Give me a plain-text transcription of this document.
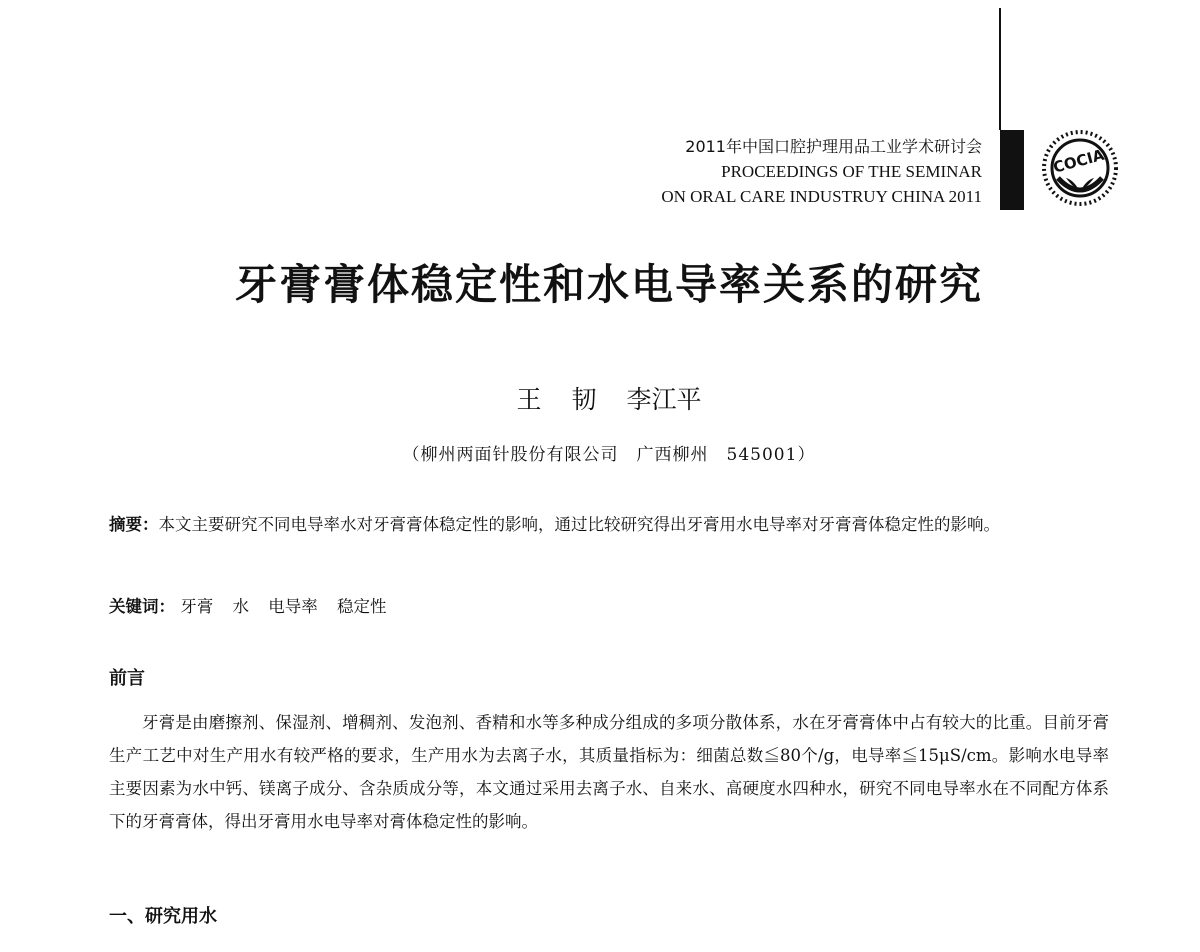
2011年中国口腔护理用品工业学术研讨会
PROCEEDINGS OF THE SEMINAR
ON ORAL CARE INDUSTRUY CHINA 2011
COCIA
牙膏膏体稳定性和水电导率关系的研究
王 韧 李江平
（柳州两面针股份有限公司　广西柳州　545001）
摘要：本文主要研究不同电导率水对牙膏膏体稳定性的影响，通过比较研究得出牙膏用水电导率对牙膏膏体稳定性的影响。
关键词： 牙膏 水 电导率 稳定性
前言
牙膏是由磨擦剂、保湿剂、增稠剂、发泡剂、香精和水等多种成分组成的多项分散体系，水在牙膏膏体中占有较大的比重。目前牙膏生产工艺中对生产用水有较严格的要求，生产用水为去离子水，其质量指标为：细菌总数≦80个/g，电导率≦15μS/cm。影响水电导率主要因素为水中钙、镁离子成分、含杂质成分等，本文通过采用去离子水、自来水、高硬度水四种水，研究不同电导率水在不同配方体系下的牙膏膏体，得出牙膏用水电导率对膏体稳定性的影响。
一、研究用水
